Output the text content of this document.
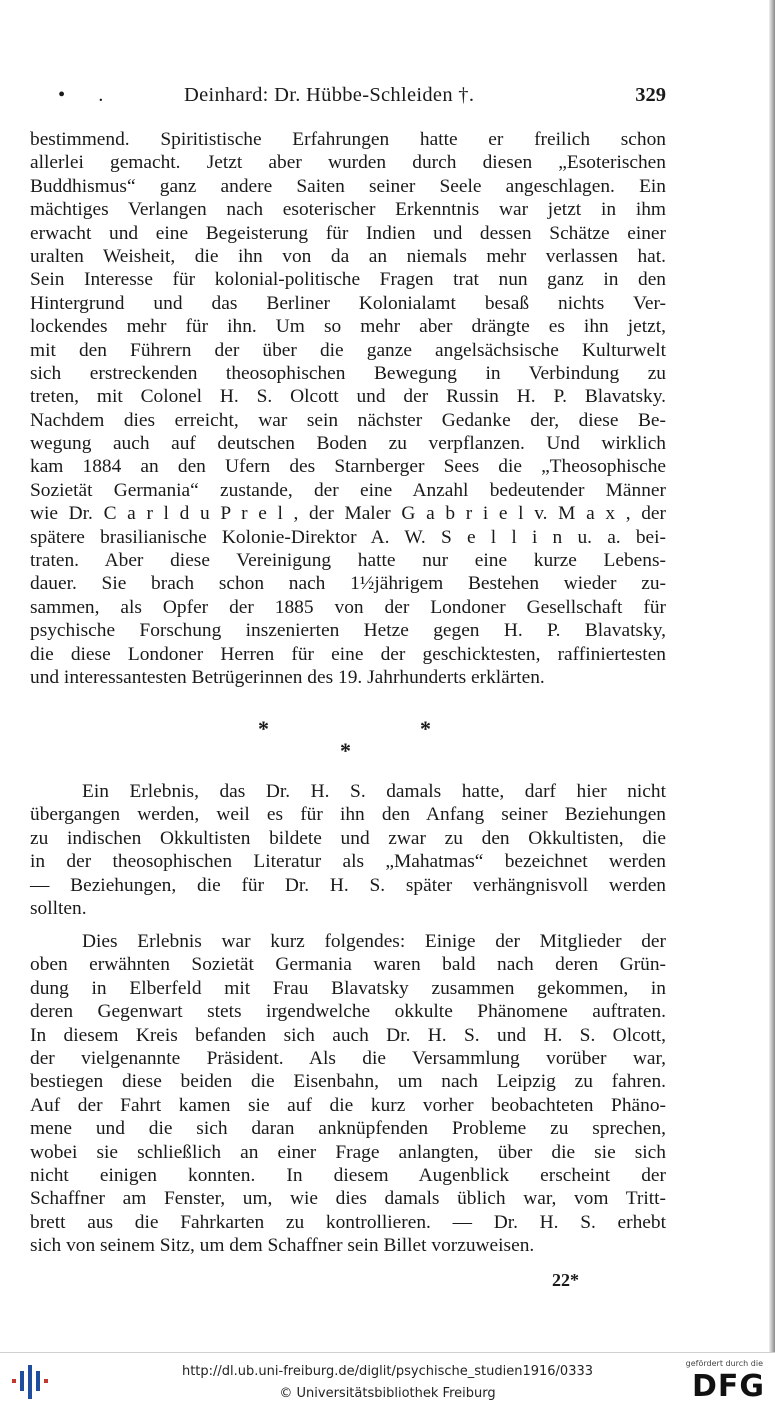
• .	Deinhard: Dr. Hübbe-Schleiden †.	329
bestimmend. Spiritistische Erfahrungen hatte er freilich schon
allerlei gemacht. Jetzt aber wurden durch diesen „Esoterischen
Buddhismus“ ganz andere Saiten seiner Seele angeschlagen. Ein
mächtiges Verlangen nach esoterischer Erkenntnis war jetzt in ihm
erwacht und eine Begeisterung für Indien und dessen Schätze einer
uralten Weisheit, die ihn von da an niemals mehr verlassen hat.
Sein Interesse für kolonial-politische Fragen trat nun ganz in den
Hintergrund und das Berliner Kolonialamt besaß nichts Ver-
lockendes mehr für ihn. Um so mehr aber drängte es ihn jetzt,
mit den Führern der über die ganze angelsächsische Kulturwelt
sich erstreckenden theosophischen Bewegung in Verbindung zu
treten, mit Colonel H. S. Olcott und der Russin H. P. Blavatsky.
Nachdem dies erreicht, war sein nächster Gedanke der, diese Be-
wegung auch auf deutschen Boden zu verpflanzen. Und wirklich
kam 1884 an den Ufern des Starnberger Sees die „Theosophische
Sozietät Germania“ zustande, der eine Anzahl bedeutender Männer
wie Dr. C a r l d u P r e l , der Maler G a b r i e l v. M a x , der
spätere brasilianische Kolonie-Direktor A. W. S e l l i n u. a. bei-
traten. Aber diese Vereinigung hatte nur eine kurze Lebens-
dauer. Sie brach schon nach 1½jährigem Bestehen wieder zu-
sammen, als Opfer der 1885 von der Londoner Gesellschaft für
psychische Forschung inszenierten Hetze gegen H. P. Blavatsky,
die diese Londoner Herren für eine der geschicktesten, raffiniertesten
und interessantesten Betrügerinnen des 19. Jahrhunderts erklärten.
*	*
*
Ein Erlebnis, das Dr. H. S. damals hatte, darf hier nicht
übergangen werden, weil es für ihn den Anfang seiner Beziehungen
zu indischen Okkultisten bildete und zwar zu den Okkultisten, die
in der theosophischen Literatur als „Mahatmas“ bezeichnet werden
— Beziehungen, die für Dr. H. S. später verhängnisvoll werden
sollten.
Dies Erlebnis war kurz folgendes: Einige der Mitglieder der
oben erwähnten Sozietät Germania waren bald nach deren Grün-
dung in Elberfeld mit Frau Blavatsky zusammen gekommen, in
deren Gegenwart stets irgendwelche okkulte Phänomene auftraten.
In diesem Kreis befanden sich auch Dr. H. S. und H. S. Olcott,
der vielgenannte Präsident. Als die Versammlung vorüber war,
bestiegen diese beiden die Eisenbahn, um nach Leipzig zu fahren.
Auf der Fahrt kamen sie auf die kurz vorher beobachteten Phäno-
mene und die sich daran anknüpfenden Probleme zu sprechen,
wobei sie schließlich an einer Frage anlangten, über die sie sich
nicht einigen konnten. In diesem Augenblick erscheint der
Schaffner am Fenster, um, wie dies damals üblich war, vom Tritt-
brett aus die Fahrkarten zu kontrollieren. — Dr. H. S. erhebt
sich von seinem Sitz, um dem Schaffner sein Billet vorzuweisen.
22*
http://dl.ub.uni-freiburg.de/diglit/psychische_studien1916/0333
© Universitätsbibliothek Freiburg
gefördert durch die
DFG
